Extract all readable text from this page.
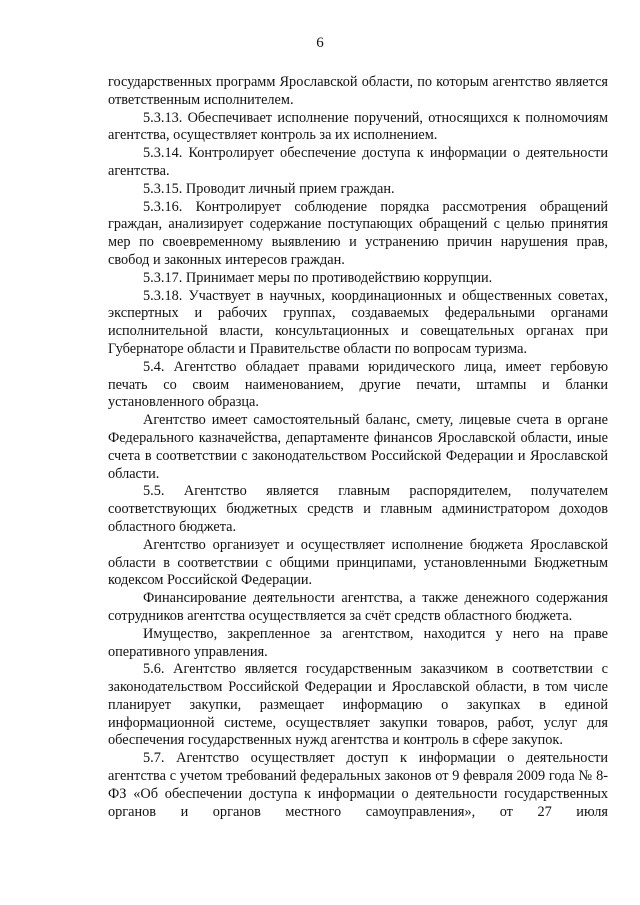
6

государственных программ Ярославской области, по которым агентство является ответственным исполнителем.

5.3.13. Обеспечивает исполнение поручений, относящихся к полномочиям агентства, осуществляет контроль за их исполнением.

5.3.14. Контролирует обеспечение доступа к информации о деятельности агентства.

5.3.15. Проводит личный прием граждан.

5.3.16. Контролирует соблюдение порядка рассмотрения обращений граждан, анализирует содержание поступающих обращений с целью принятия мер по своевременному выявлению и устранению причин нарушения прав, свобод и законных интересов граждан.

5.3.17. Принимает меры по противодействию коррупции.

5.3.18. Участвует в научных, координационных и общественных советах, экспертных и рабочих группах, создаваемых федеральными органами исполнительной власти, консультационных и совещательных органах при Губернаторе области и Правительстве области по вопросам туризма.

5.4. Агентство обладает правами юридического лица, имеет гербовую печать со своим наименованием, другие печати, штампы и бланки установленного образца.

Агентство имеет самостоятельный баланс, смету, лицевые счета в органе Федерального казначейства, департаменте финансов Ярославской области, иные счета в соответствии с законодательством Российской Федерации и Ярославской области.

5.5. Агентство является главным распорядителем, получателем соответствующих бюджетных средств и главным администратором доходов областного бюджета.

Агентство организует и осуществляет исполнение бюджета Ярославской области в соответствии с общими принципами, установленными Бюджетным кодексом Российской Федерации.

Финансирование деятельности агентства, а также денежного содержания сотрудников агентства осуществляется за счёт средств областного бюджета.

Имущество, закрепленное за агентством, находится у него на праве оперативного управления.

5.6. Агентство является государственным заказчиком в соответствии с законодательством Российской Федерации и Ярославской области, в том числе планирует закупки, размещает информацию о закупках в единой информационной системе, осуществляет закупки товаров, работ, услуг для обеспечения государственных нужд агентства и контроль в сфере закупок.

5.7. Агентство осуществляет доступ к информации о деятельности агентства с учетом требований федеральных законов от 9 февраля 2009 года № 8-ФЗ «Об обеспечении доступа к информации о деятельности государственных органов и органов местного самоуправления», от 27 июля
